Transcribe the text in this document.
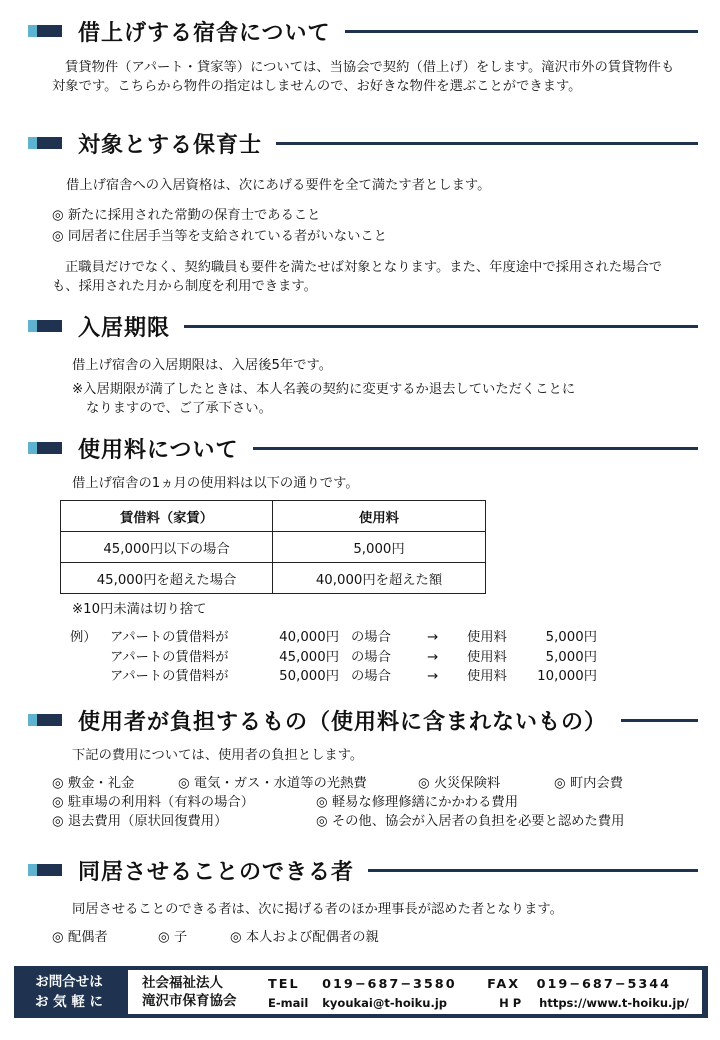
借上げする宿舎について

賃貸物件（アパート・貸家等）については、当協会で契約（借上げ）をします。滝沢市外の賃貸物件も対象です。こちらから物件の指定はしませんので、お好きな物件を選ぶことができます。

対象とする保育士

借上げ宿舎への入居資格は、次にあげる要件を全て満たす者とします。

◎ 新たに採用された常勤の保育士であること

◎ 同居者に住居手当等を支給されている者がいないこと

正職員だけでなく、契約職員も要件を満たせば対象となります。また、年度途中で採用された場合でも、採用された月から制度を利用できます。

入居期限

借上げ宿舎の入居期限は、入居後5年です。

※入居期限が満了したときは、本人名義の契約に変更するか退去していただくことに

なりますので、ご了承下さい。

使用料について

借上げ宿舎の1ヵ月の使用料は以下の通りです。

賃借料（家賃）	使用料
45,000円以下の場合	5,000円
45,000円を超えた場合	40,000円を超えた額

※10円未満は切り捨て

例）	アパートの賃借料が	40,000円 の場合	→	使用料	5,000円
アパートの賃借料が	45,000円 の場合	→	使用料	5,000円
アパートの賃借料が	50,000円 の場合	→	使用料	10,000円
使用者が負担するもの（使用料に含まれないもの）

下記の費用については、使用者の負担とします。

◎ 敷金・礼金	◎ 電気・ガス・水道等の光熱費	◎ 火災保険料	◎ 町内会費
◎ 駐車場の利用料（有料の場合）	◎ 軽易な修理修繕にかかわる費用
◎ 退去費用（原状回復費用）	◎ その他、協会が入居者の負担を必要と認めた費用
同居させることのできる者

同居させることのできる者は、次に掲げる者のほか理事長が認めた者となります。

◎ 配偶者	◎ 子	◎ 本人および配偶者の親
お問合せは
お 気 軽 に
社会福祉法人
滝沢市保育協会
TEL 019−687−3580 FAX 019−687−5344
E-mail kyoukai@t-hoiku.jp	H P https://www.t-hoiku.jp/
